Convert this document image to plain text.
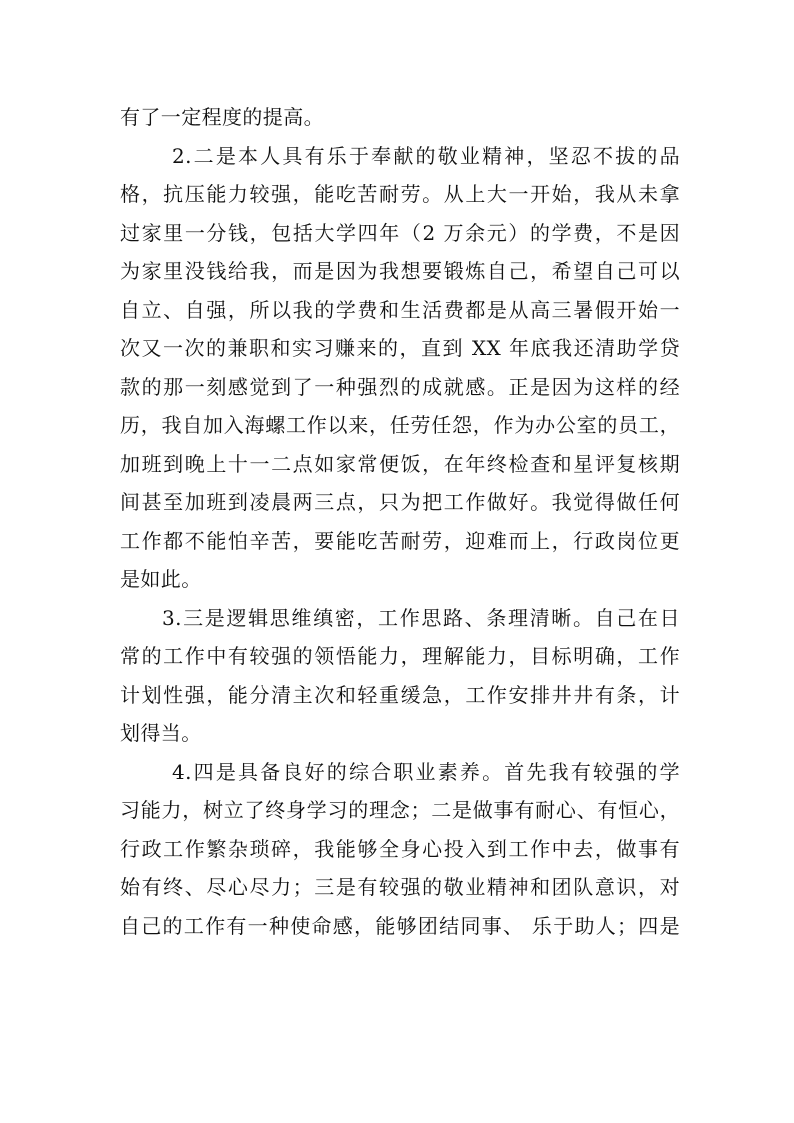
有了一定程度的提高。
2.二是本人具有乐于奉献的敬业精神，坚忍不拔的品
格，抗压能力较强，能吃苦耐劳。从上大一开始，我从未拿
过家里一分钱，包括大学四年（2 万余元）的学费，不是因
为家里没钱给我，而是因为我想要锻炼自己，希望自己可以
自立、自强，所以我的学费和生活费都是从高三暑假开始一
次又一次的兼职和实习赚来的，直到 XX 年底我还清助学贷
款的那一刻感觉到了一种强烈的成就感。正是因为这样的经
历，我自加入海螺工作以来，任劳任怨，作为办公室的员工，
加班到晚上十一二点如家常便饭，在年终检查和星评复核期
间甚至加班到凌晨两三点，只为把工作做好。我觉得做任何
工作都不能怕辛苦，要能吃苦耐劳，迎难而上，行政岗位更
是如此。
3.三是逻辑思维缜密，工作思路、条理清晰。自己在日
常的工作中有较强的领悟能力，理解能力，目标明确，工作
计划性强，能分清主次和轻重缓急，工作安排井井有条，计
划得当。
4.四是具备良好的综合职业素养。首先我有较强的学
习能力，树立了终身学习的理念；二是做事有耐心、有恒心，
行政工作繁杂琐碎，我能够全身心投入到工作中去，做事有
始有终、尽心尽力；三是有较强的敬业精神和团队意识，对
自己的工作有一种使命感，能够团结同事、 乐于助人；四是
